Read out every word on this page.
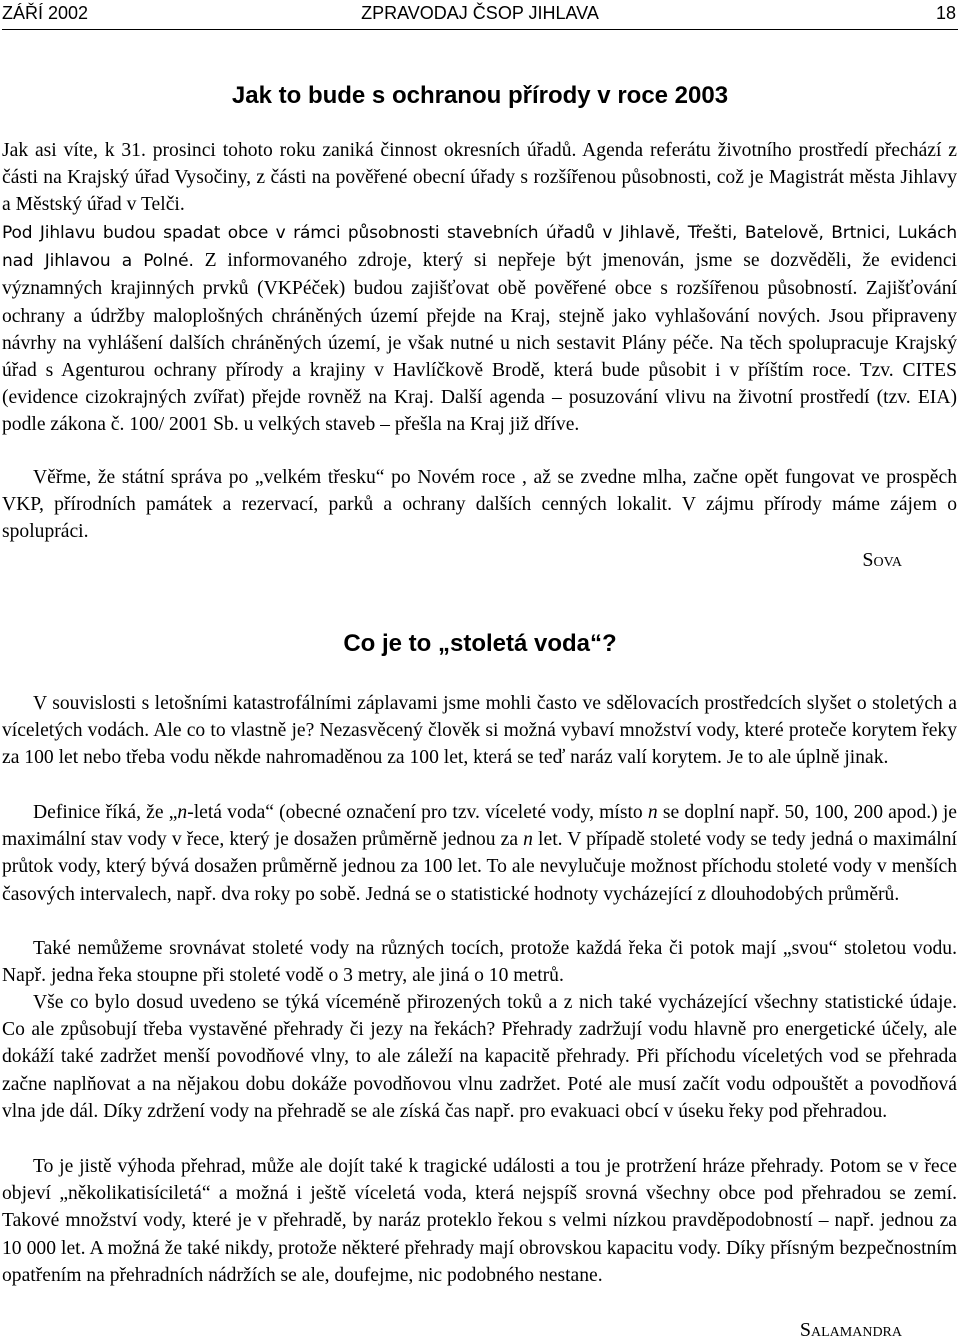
ZÁŘÍ 2002	ZPRAVODAJ ČSOP JIHLAVA	18
Jak to bude s ochranou přírody v roce 2003

Jak asi víte, k 31. prosinci tohoto roku zaniká činnost okresních úřadů. Agenda referátu životního prostředí přechází z části na Krajský úřad Vysočiny, z části na pověřené obecní úřady s rozšířenou působnosti, což je Magistrát města Jihlavy a Městský úřad v Telči.

Pod Jihlavu budou spadat obce v rámci působnosti stavebních úřadů v Jihlavě, Třešti, Batelově, Brtnici, Lukách nad Jihlavou a Polné. Z informovaného zdroje, který si nepřeje být jmenován, jsme se dozvěděli, že evidenci významných krajinných prvků (VKPéček) budou zajišťovat obě pověřené obce s rozšířenou působností. Zajišťování ochrany a údržby maloplošných chráněných území přejde na Kraj, stejně jako vyhlašování nových. Jsou připraveny návrhy na vyhlášení dalších chráněných území, je však nutné u nich sestavit Plány péče. Na těch spolupracuje Krajský úřad s Agenturou ochrany přírody a krajiny v Havlíčkově Brodě, která bude působit i v příštím roce. Tzv. CITES (evidence cizokrajných zvířat) přejde rovněž na Kraj. Další agenda – posuzování vlivu na životní prostředí (tzv. EIA) podle zákona č. 100/ 2001 Sb. u velkých staveb – přešla na Kraj již dříve.

Věřme, že státní správa po „velkém třesku“ po Novém roce , až se zvedne mlha, začne opět fungovat ve prospěch VKP, přírodních památek a rezervací, parků a ochrany dalších cenných lokalit. V zájmu přírody máme zájem o spolupráci.

Sova
Co je to „stoletá voda“?

V souvislosti s letošními katastrofálními záplavami jsme mohli často ve sdělovacích prostředcích slyšet o stoletých a víceletých vodách. Ale co to vlastně je? Nezasvěcený člověk si možná vybaví množství vody, které proteče korytem řeky za 100 let nebo třeba vodu někde nahromaděnou za 100 let, která se teď naráz valí korytem. Je to ale úplně jinak.

Definice říká, že „n-letá voda“ (obecné označení pro tzv. víceleté vody, místo n se doplní např. 50, 100, 200 apod.) je maximální stav vody v řece, který je dosažen průměrně jednou za n let. V případě stoleté vody se tedy jedná o maximální průtok vody, který bývá dosažen průměrně jednou za 100 let. To ale nevylučuje možnost příchodu stoleté vody v menších časových intervalech, např. dva roky po sobě. Jedná se o statistické hodnoty vycházející z dlouhodobých průměrů.

Také nemůžeme srovnávat stoleté vody na různých tocích, protože každá řeka či potok mají „svou“ stoletou vodu. Např. jedna řeka stoupne při stoleté vodě o 3 metry, ale jiná o 10 metrů.

Vše co bylo dosud uvedeno se týká víceméně přirozených toků a z nich také vycházející všechny statistické údaje. Co ale způsobují třeba vystavěné přehrady či jezy na řekách? Přehrady zadržují vodu hlavně pro energetické účely, ale dokáží také zadržet menší povodňové vlny, to ale záleží na kapacitě přehrady. Při příchodu víceletých vod se přehrada začne naplňovat a na nějakou dobu dokáže povodňovou vlnu zadržet. Poté ale musí začít vodu odpouštět a povodňová vlna jde dál. Díky zdržení vody na přehradě se ale získá čas např. pro evakuaci obcí v úseku řeky pod přehradou.

To je jistě výhoda přehrad, může ale dojít také k tragické události a tou je protržení hráze přehrady. Potom se v řece objeví „několikatisíciletá“ a možná i ještě víceletá voda, která nejspíš srovná všechny obce pod přehradou se zemí. Takové množství vody, které je v přehradě, by naráz proteklo řekou s velmi nízkou pravděpodobností – např. jednou za 10 000 let. A možná že také nikdy, protože některé přehrady mají obrovskou kapacitu vody. Díky přísným bezpečnostním opatřením na přehradních nádržích se ale, doufejme, nic podobného nestane.

Salamandra
